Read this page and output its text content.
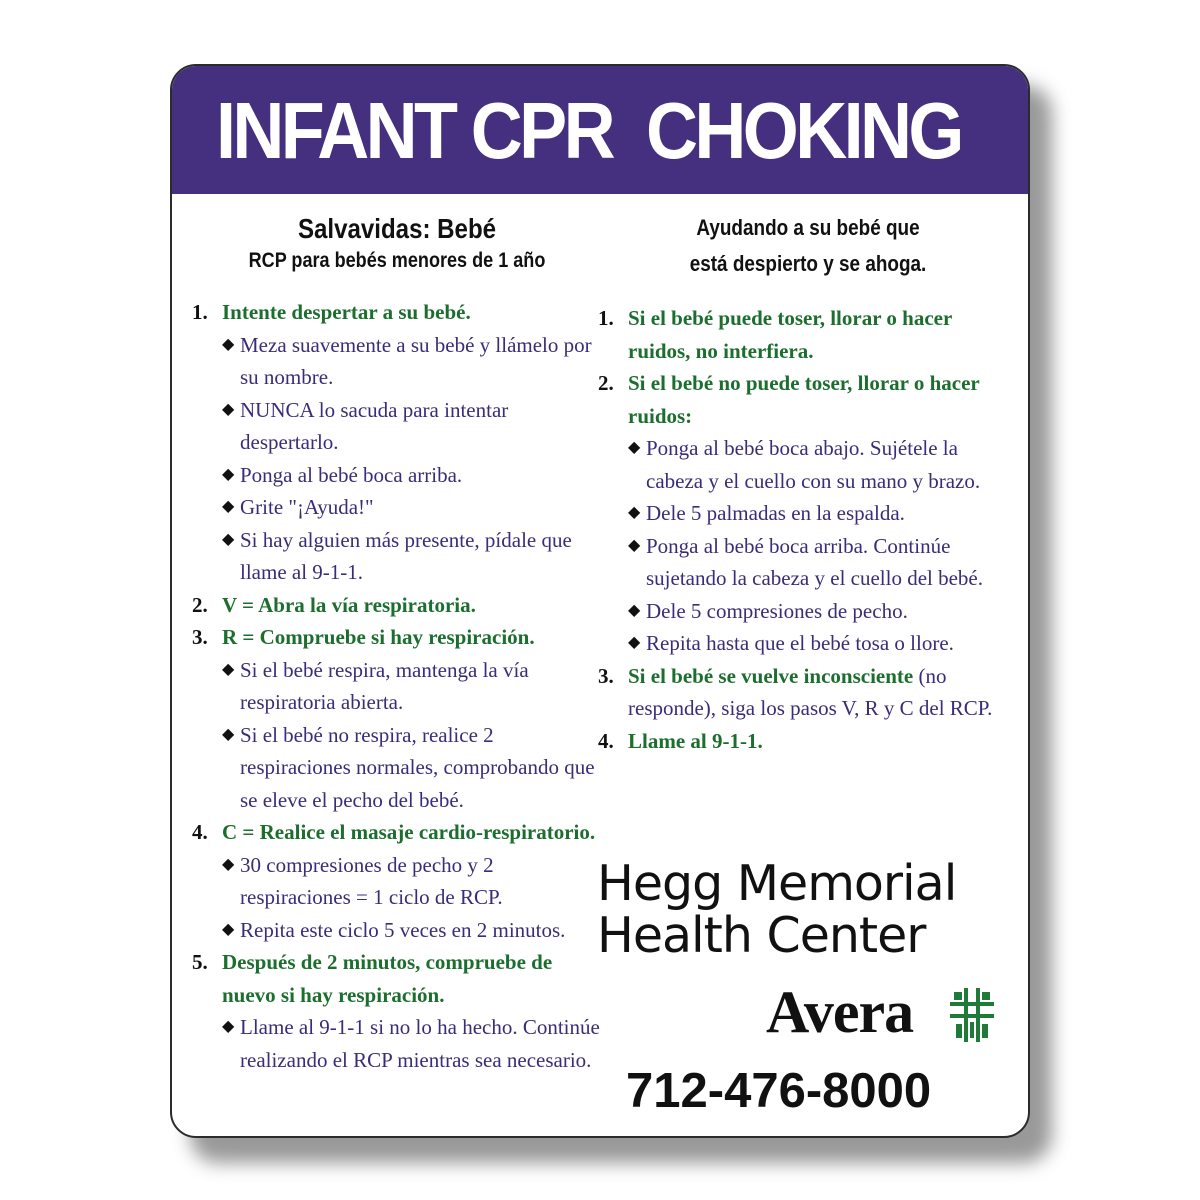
INFANT CPR CHOKING
Salvavidas: Bebé
RCP para bebés menores de 1 año
1. Intente despertar a su bebé.
◆ Meza suavemente a su bebé y llámelo por su nombre.
◆ NUNCA lo sacuda para intentar despertarlo.
◆ Ponga al bebé boca arriba.
◆ Grite "¡Ayuda!"
◆ Si hay alguien más presente, pídale que llame al 9-1-1.
2. V = Abra la vía respiratoria.
3. R = Compruebe si hay respiración.
◆ Si el bebé respira, mantenga la vía respiratoria abierta.
◆ Si el bebé no respira, realice 2 respiraciones normales, comprobando que se eleve el pecho del bebé.
4. C = Realice el masaje cardio-respiratorio.
◆ 30 compresiones de pecho y 2 respiraciones = 1 ciclo de RCP.
◆ Repita este ciclo 5 veces en 2 minutos.
5. Después de 2 minutos, compruebe de nuevo si hay respiración.
◆ Llame al 9-1-1 si no lo ha hecho. Continúe realizando el RCP mientras sea necesario.
Ayudando a su bebé que
está despierto y se ahoga.
1. Si el bebé puede toser, llorar o hacer ruidos, no interfiera.
2. Si el bebé no puede toser, llorar o hacer ruidos:
◆ Ponga al bebé boca abajo. Sujétele la cabeza y el cuello con su mano y brazo.
◆ Dele 5 palmadas en la espalda.
◆ Ponga al bebé boca arriba. Continúe sujetando la cabeza y el cuello del bebé.
◆ Dele 5 compresiones de pecho.
◆ Repita hasta que el bebé tosa o llore.
3. Si el bebé se vuelve inconsciente (no responde), siga los pasos V, R y C del RCP.
4. Llame al 9-1-1.
Hegg Memorial
Health Center
Avera
712-476-8000
